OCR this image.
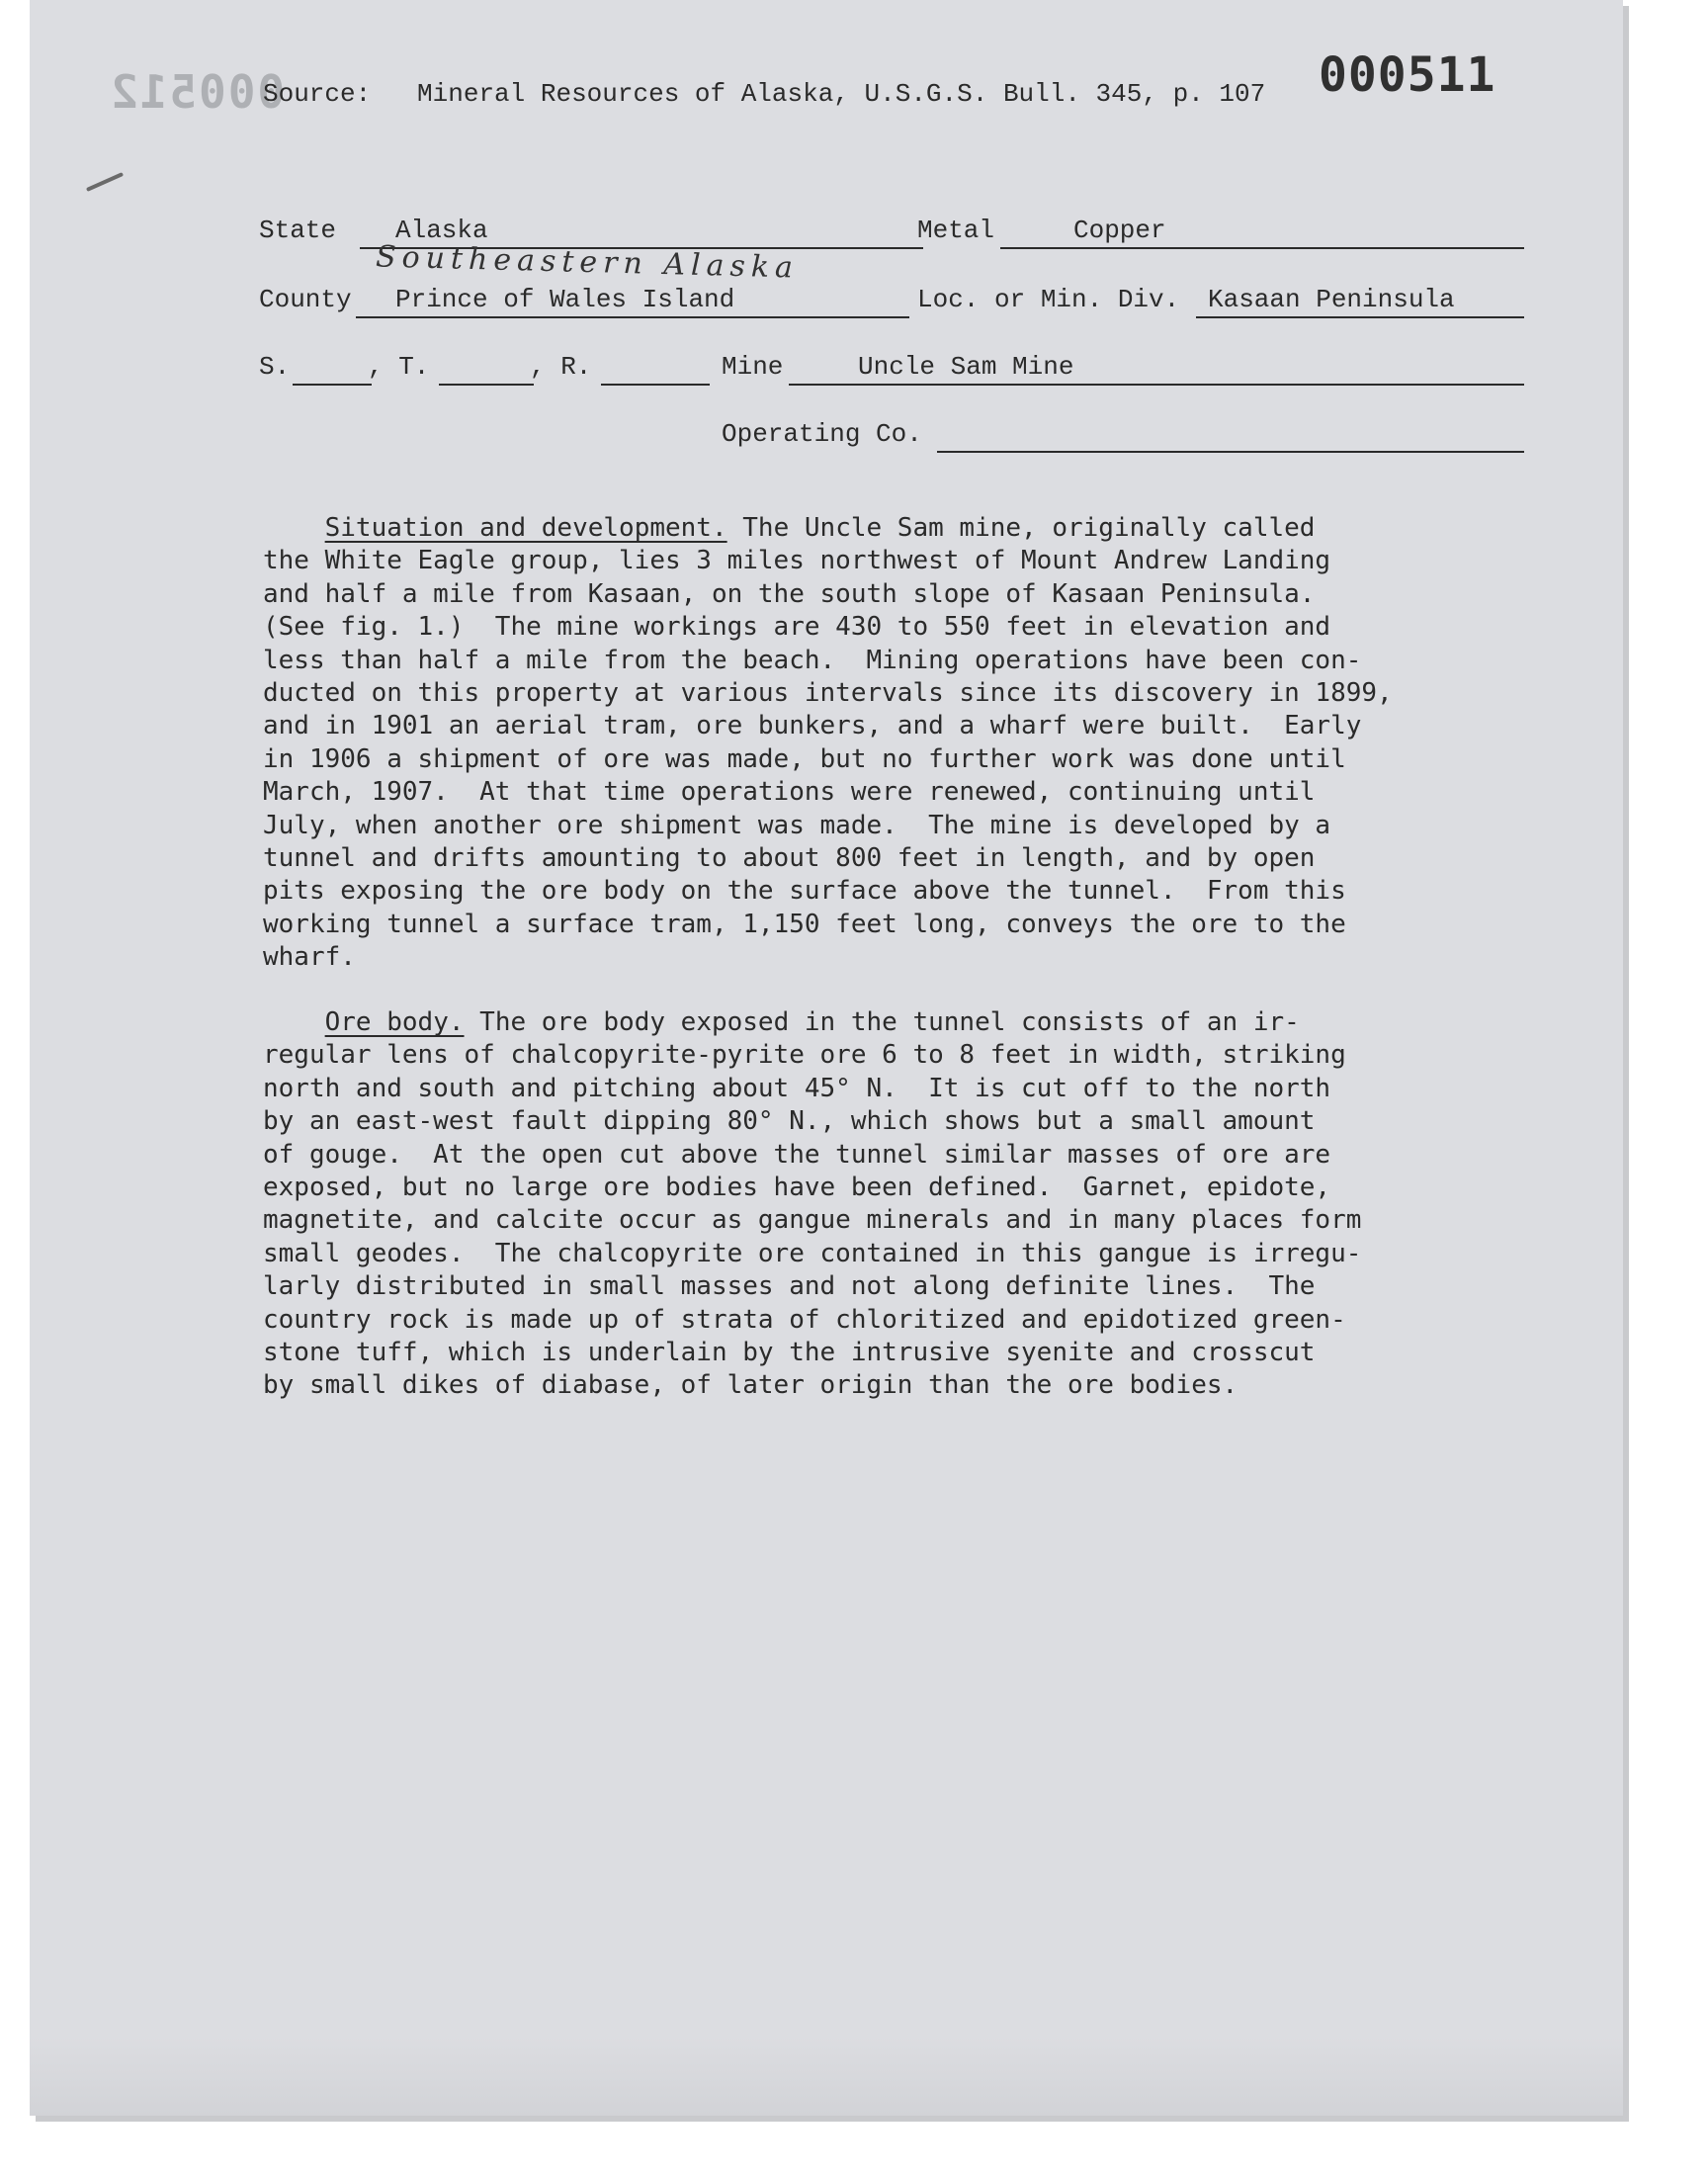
000512
Source: Mineral Resources of Alaska, U.S.G.S. Bull. 345, p. 107 000511
State	Alaska	Metal	Copper
Southeastern Alaska
County	Prince of Wales Island	Loc. or Min. Div.	Kasaan Peninsula
S.	, T.	, R.	Mine	Uncle Sam Mine
Operating Co.
Situation and development. The Uncle Sam mine, originally called
the White Eagle group, lies 3 miles northwest of Mount Andrew Landing
and half a mile from Kasaan, on the south slope of Kasaan Peninsula.
(See fig. 1.)  The mine workings are 430 to 550 feet in elevation and
less than half a mile from the beach.  Mining operations have been con-
ducted on this property at various intervals since its discovery in 1899,
and in 1901 an aerial tram, ore bunkers, and a wharf were built.  Early
in 1906 a shipment of ore was made, but no further work was done until
March, 1907.  At that time operations were renewed, continuing until
July, when another ore shipment was made.  The mine is developed by a
tunnel and drifts amounting to about 800 feet in length, and by open
pits exposing the ore body on the surface above the tunnel.  From this
working tunnel a surface tram, 1,150 feet long, conveys the ore to the
wharf.
Ore body. The ore body exposed in the tunnel consists of an ir-
regular lens of chalcopyrite-pyrite ore 6 to 8 feet in width, striking
north and south and pitching about 45° N.  It is cut off to the north
by an east-west fault dipping 80° N., which shows but a small amount
of gouge.  At the open cut above the tunnel similar masses of ore are
exposed, but no large ore bodies have been defined.  Garnet, epidote,
magnetite, and calcite occur as gangue minerals and in many places form
small geodes.  The chalcopyrite ore contained in this gangue is irregu-
larly distributed in small masses and not along definite lines.  The
country rock is made up of strata of chloritized and epidotized green-
stone tuff, which is underlain by the intrusive syenite and crosscut
by small dikes of diabase, of later origin than the ore bodies.
